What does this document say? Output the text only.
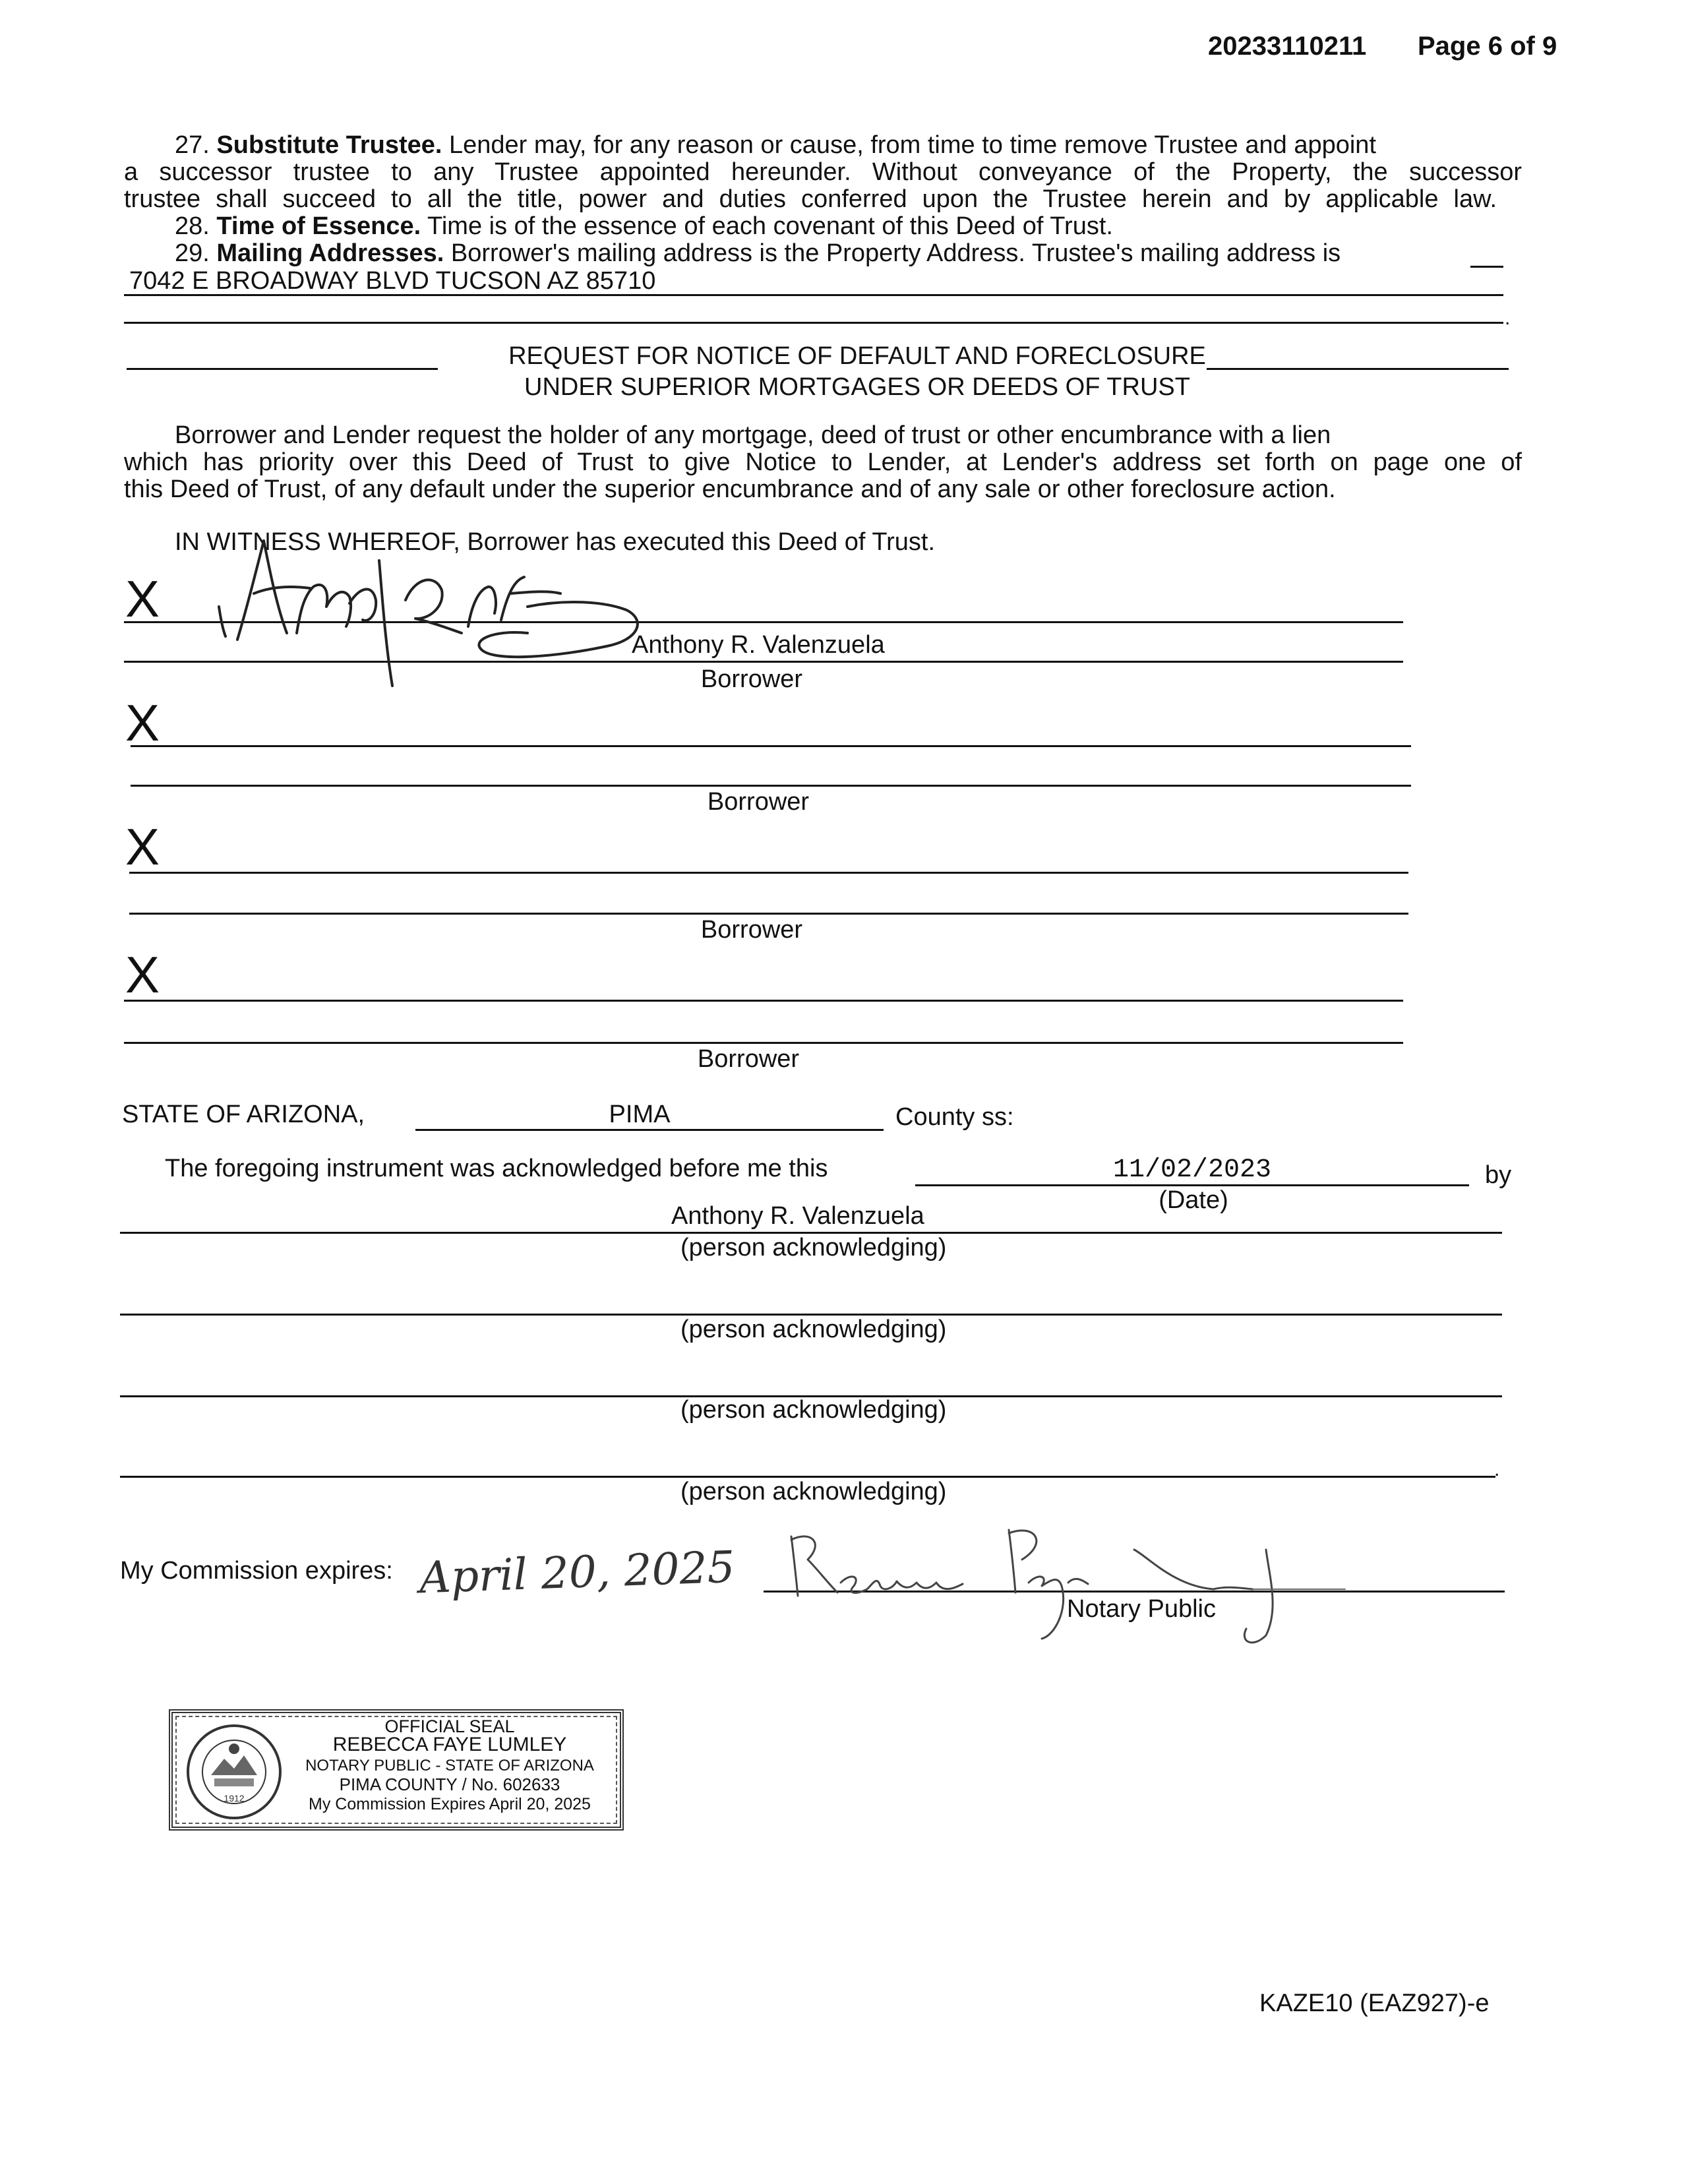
20233110211 Page 6 of 9
27. Substitute Trustee. Lender may, for any reason or cause, from time to time remove Trustee and appoint
a successor trustee to any Trustee appointed hereunder. Without conveyance of the Property, the successor
trustee shall succeed to all the title, power and duties conferred upon the Trustee herein and by applicable law.
28. Time of Essence. Time is of the essence of each covenant of this Deed of Trust.
29. Mailing Addresses. Borrower's mailing address is the Property Address. Trustee's mailing address is
7042 E BROADWAY BLVD TUCSON AZ 85710
.
REQUEST FOR NOTICE OF DEFAULT AND FORECLOSURE
UNDER SUPERIOR MORTGAGES OR DEEDS OF TRUST
Borrower and Lender request the holder of any mortgage, deed of trust or other encumbrance with a lien
which has priority over this Deed of Trust to give Notice to Lender, at Lender's address set forth on page one of
this Deed of Trust, of any default under the superior encumbrance and of any sale or other foreclosure action.
IN WITNESS WHEREOF, Borrower has executed this Deed of Trust.
X
Anthony R. Valenzuela
Borrower
X
Borrower
X
Borrower
X
Borrower
STATE OF ARIZONA,	PIMA	County ss:
The foregoing instrument was acknowledged before me this	11/02/2023	by
(Date)
Anthony R. Valenzuela
(person acknowledging)
(person acknowledging)
(person acknowledging)
.
(person acknowledging)
My Commission expires: April 20, 2025
Notary Public
1912
OFFICIAL SEAL
REBECCA FAYE LUMLEY
NOTARY PUBLIC - STATE OF ARIZONA
PIMA COUNTY / No. 602633
My Commission Expires April 20, 2025
KAZE10 (EAZ927)-e
